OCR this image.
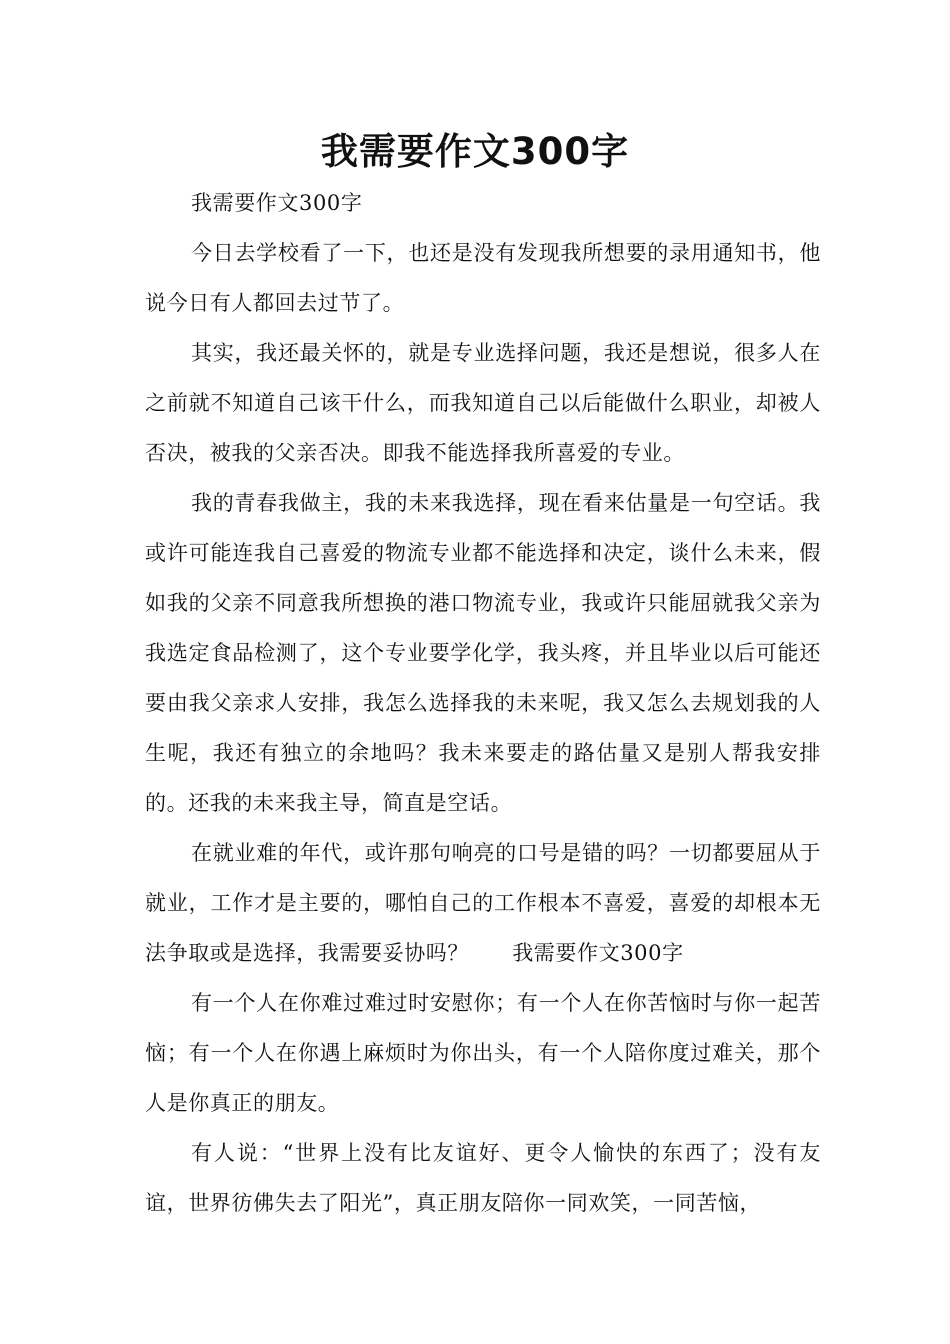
我需要作文300字

我需要作文300字

今日去学校看了一下，也还是没有发现我所想要的录用通知书，他说今日有人都回去过节了。

其实，我还最关怀的，就是专业选择问题，我还是想说，很多人在之前就不知道自己该干什么，而我知道自己以后能做什么职业，却被人否决，被我的父亲否决。即我不能选择我所喜爱的专业。

我的青春我做主，我的未来我选择，现在看来估量是一句空话。我或许可能连我自己喜爱的物流专业都不能选择和决定，谈什么未来，假如我的父亲不同意我所想换的港口物流专业，我或许只能屈就我父亲为我选定食品检测了，这个专业要学化学，我头疼，并且毕业以后可能还要由我父亲求人安排，我怎么选择我的未来呢，我又怎么去规划我的人生呢，我还有独立的余地吗？我未来要走的路估量又是别人帮我安排的。还我的未来我主导，简直是空话。

在就业难的年代，或许那句响亮的口号是错的吗？一切都要屈从于就业，工作才是主要的，哪怕自己的工作根本不喜爱，喜爱的却根本无法争取或是选择，我需要妥协吗？　　我需要作文300字

有一个人在你难过难过时安慰你；有一个人在你苦恼时与你一起苦恼；有一个人在你遇上麻烦时为你出头，有一个人陪你度过难关，那个人是你真正的朋友。

有人说：“世界上没有比友谊好、更令人愉快的东西了；没有友谊，世界彷佛失去了阳光”，真正朋友陪你一同欢笑，一同苦恼，
